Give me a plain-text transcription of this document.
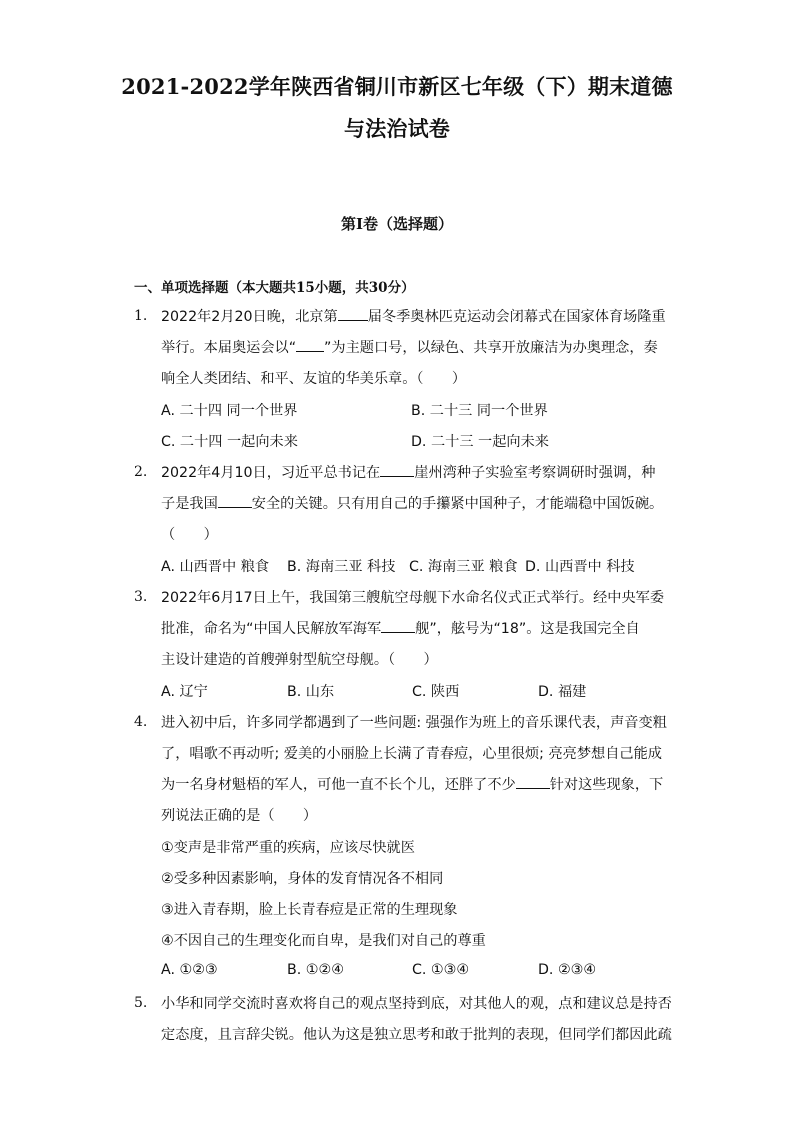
2021-2022学年陕西省铜川市新区七年级（下）期末道德
与法治试卷
第I卷（选择题）
一、单项选择题（本大题共15小题，共30分）
1. 2022年2月20日晚，北京第 届冬季奥林匹克运动会闭幕式在国家体育场隆重
举行。本届奥运会以“ ”为主题口号，以绿色、共享开放廉洁为办奥理念，奏
响全人类团结、和平、友谊的华美乐章。（　　）
A. 二十四 同一个世界	B. 二十三 同一个世界
C. 二十四 一起向未来	D. 二十三 一起向未来
2. 2022年4月10日，习近平总书记在 崖州湾种子实验室考察调研时强调，种
子是我国 安全的关键。只有用自己的手攥紧中国种子，才能端稳中国饭碗。
（　　）
A. 山西晋中 粮食 B. 海南三亚 科技 C. 海南三亚 粮食 D. 山西晋中 科技
3. 2022年6月17日上午，我国第三艘航空母舰下水命名仪式正式举行。经中央军委
批准，命名为“中国人民解放军海军 舰”，舷号为“18”。这是我国完全自
主设计建造的首艘弹射型航空母舰。（　　）
A. 辽宁	B. 山东	C. 陕西	D. 福建
4. 进入初中后，许多同学都遇到了一些问题: 强强作为班上的音乐课代表，声音变粗
了，唱歌不再动听; 爱美的小丽脸上长满了青春痘，心里很烦; 亮亮梦想自己能成
为一名身材魁梧的军人，可他一直不长个儿，还胖了不少 针对这些现象，下
列说法正确的是（　　）
①变声是非常严重的疾病，应该尽快就医
②受多种因素影响，身体的发育情况各不相同
③进入青春期，脸上长青春痘是正常的生理现象
④不因自己的生理变化而自卑，是我们对自己的尊重
A. ①②③	B. ①②④	C. ①③④	D. ②③④
5. 小华和同学交流时喜欢将自己的观点坚持到底，对其他人的观，点和建议总是持否
定态度，且言辞尖锐。他认为这是独立思考和敢于批判的表现，但同学们都因此疏
